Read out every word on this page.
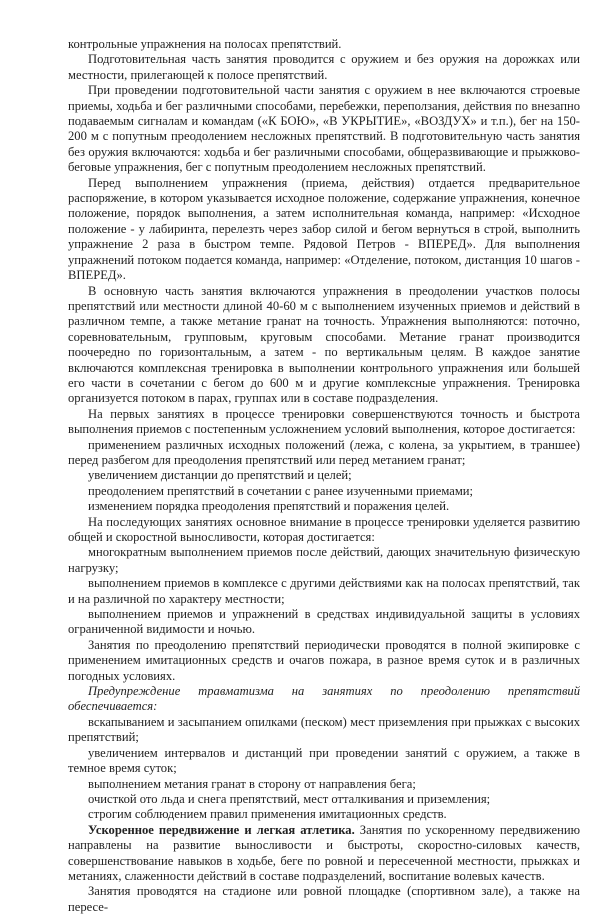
контрольные упражнения на полосах препятствий.

Подготовительная часть занятия проводится с оружием и без оружия на дорожках или местности, прилегающей к полосе препятствий.

При проведении подготовительной части занятия с оружием в нее включаются строевые приемы, ходьба и бег различными способами, перебежки, переползания, действия по внезапно подаваемым сигналам и командам («К БОЮ», «В УКРЫТИЕ», «ВОЗДУХ» и т.п.), бег на 150-200 м с попутным преодолением несложных препятствий. В подготовительную часть занятия без оружия включаются: ходьба и бег различными способами, общеразвивающие и прыжково-беговые упражнения, бег с попутным преодолением несложных препятствий.

Перед выполнением упражнения (приема, действия) отдается предварительное распоряжение, в котором указывается исходное положение, содержание упражнения, конечное положение, порядок выполнения, а затем исполнительная команда, например: «Исходное положение - у лабиринта, перелезть через забор силой и бегом вернуться в строй, выполнить упражнение 2 раза в быстром темпе. Рядовой Петров - ВПЕРЕД». Для выполнения упражнений потоком подается команда, например: «Отделение, потоком, дистанция 10 шагов - ВПЕРЕД».

В основную часть занятия включаются упражнения в преодолении участков полосы препятствий или местности длиной 40-60 м с выполнением изученных приемов и действий в различном темпе, а также метание гранат на точность. Упражнения выполняются: поточно, соревновательным, групповым, круговым способами. Метание гранат производится поочередно по горизонтальным, а затем - по вертикальным целям. В каждое занятие включаются комплексная тренировка в выполнении контрольного упражнения или большей его части в сочетании с бегом до 600 м и другие комплексные упражнения. Тренировка организуется потоком в парах, группах или в составе подразделения.

На первых занятиях в процессе тренировки совершенствуются точность и быстрота выполнения приемов с постепенным усложнением условий выполнения, которое достигается:

применением различных исходных положений (лежа, с колена, за укрытием, в траншее) перед разбегом для преодоления препятствий или перед метанием гранат;

увеличением дистанции до препятствий и целей;

преодолением препятствий в сочетании с ранее изученными приемами;

изменением порядка преодоления препятствий и поражения целей.

На последующих занятиях основное внимание в процессе тренировки уделяется развитию общей и скоростной выносливости, которая достигается:

многократным выполнением приемов после действий, дающих значительную физическую нагрузку;

выполнением приемов в комплексе с другими действиями как на полосах препятствий, так и на различной по характеру местности;

выполнением приемов и упражнений в средствах индивидуальной защиты в условиях ограниченной видимости и ночью.

Занятия по преодолению препятствий периодически проводятся в полной экипировке с применением имитационных средств и очагов пожара, в разное время суток и в различных погодных условиях.

Предупреждение травматизма на занятиях по преодолению препятствий обеспечивается:

вскапыванием и засыпанием опилками (песком) мест приземления при прыжках с высоких препятствий;

увеличением интервалов и дистанций при проведении занятий с оружием, а также в темное время суток;

выполнением метания гранат в сторону от направления бега;

очисткой ото льда и снега препятствий, мест отталкивания и приземления;

строгим соблюдением правил применения имитационных средств.

Ускоренное передвижение и легкая атлетика. Занятия по ускоренному передвижению направлены на развитие выносливости и быстроты, скоростно-силовых качеств, совершенствование навыков в ходьбе, беге по ровной и пересеченной местности, прыжках и метаниях, слаженности действий в составе подразделений, воспитание волевых качеств.

Занятия проводятся на стадионе или ровной площадке (спортивном зале), а также на пересе-
